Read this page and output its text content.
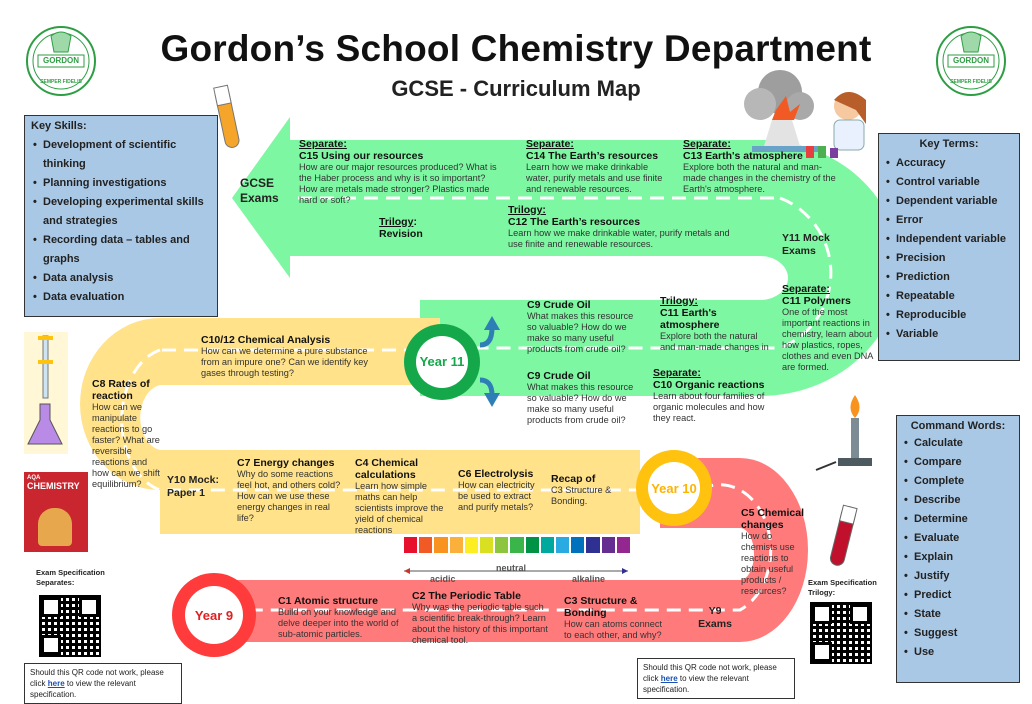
GORDON
SEMPER FIDELIS
GORDON
SEMPER FIDELIS
Gordon’s School Chemistry Department
GCSE - Curriculum Map
Key Skills:
• Development of scientific thinking
• Planning investigations
• Developing experimental skills and strategies
• Recording data – tables and graphs
• Data analysis
• Data evaluation
Key Terms:
• Accuracy
• Control variable
• Dependent variable
• Error
• Independent variable
• Precision
• Prediction
• Repeatable
• Reproducible
• Variable
Command Words:
• Calculate
• Compare
• Complete
• Describe
• Determine
• Evaluate
• Explain
• Justify
• Predict
• State
• Suggest
• Use
Year 11
Year 10
Year 9
GCSE Exams
Y11 Mock Exams
Y10 Mock: Paper 1
Y9 Exams
Separate:
C15 Using our resources
How are our major resources produced? What is the Haber process and why is it so important? How are metals made stronger? Plastics made hard or soft?
Separate:
C14 The Earth’s resources
Learn how we make drinkable water, purify metals and use finite and renewable resources.
Separate:
C13 Earth's atmosphere
Explore both the natural and man-made changes in the chemistry of the Earth's atmosphere.
Trilogy:
Revision
Trilogy:
C12 The Earth’s resources
Learn how we make drinkable water, purify metals and use finite and renewable resources.
Separate:
C11 Polymers
One of the most important reactions in chemistry, learn about how plastics, ropes, clothes and even DNA are formed.
Trilogy:
C11 Earth's atmosphere
Explore both the natural and man-made changes in
C9 Crude Oil
What makes this resource so valuable? How do we make so many useful products from crude oil?
C9 Crude Oil
What makes this resource so valuable? How do we make so many useful products from crude oil?
Separate:
C10 Organic reactions
Learn about four families of organic molecules and how they react.
C10/12 Chemical Analysis
How can we determine a pure substance from an impure one? Can we identify key gases through testing?
C8 Rates of reaction
How can we manipulate reactions to go faster? What are reversible reactions and how can we shift equilibrium?
C7 Energy changes
Why do some reactions feel hot, and others cold? How can we use these energy changes in real life?
C4 Chemical calculations
Learn how simple maths can help scientists improve the yield of chemical reactions
C6 Electrolysis
How can electricity be used to extract and purify metals?
Recap of
C3 Structure & Bonding.
C5 Chemical changes
How do chemists use reactions to obtain useful products / resources?
C1 Atomic structure
Build on your knowledge and delve deeper into the world of sub-atomic particles.
C2 The Periodic Table
Why was the periodic table such a scientific break-through? Learn about the history of this important chemical tool.
C3 Structure & Bonding
How can atoms connect to each other, and why?
neutral
acidic	alkaline
AQA
CHEMISTRY
Exam Specification Separates:
Should this QR code not work, please click here to view the relevant specification.
Exam Specification Trilogy:
Should this QR code not work, please click here to view the relevant specification.
